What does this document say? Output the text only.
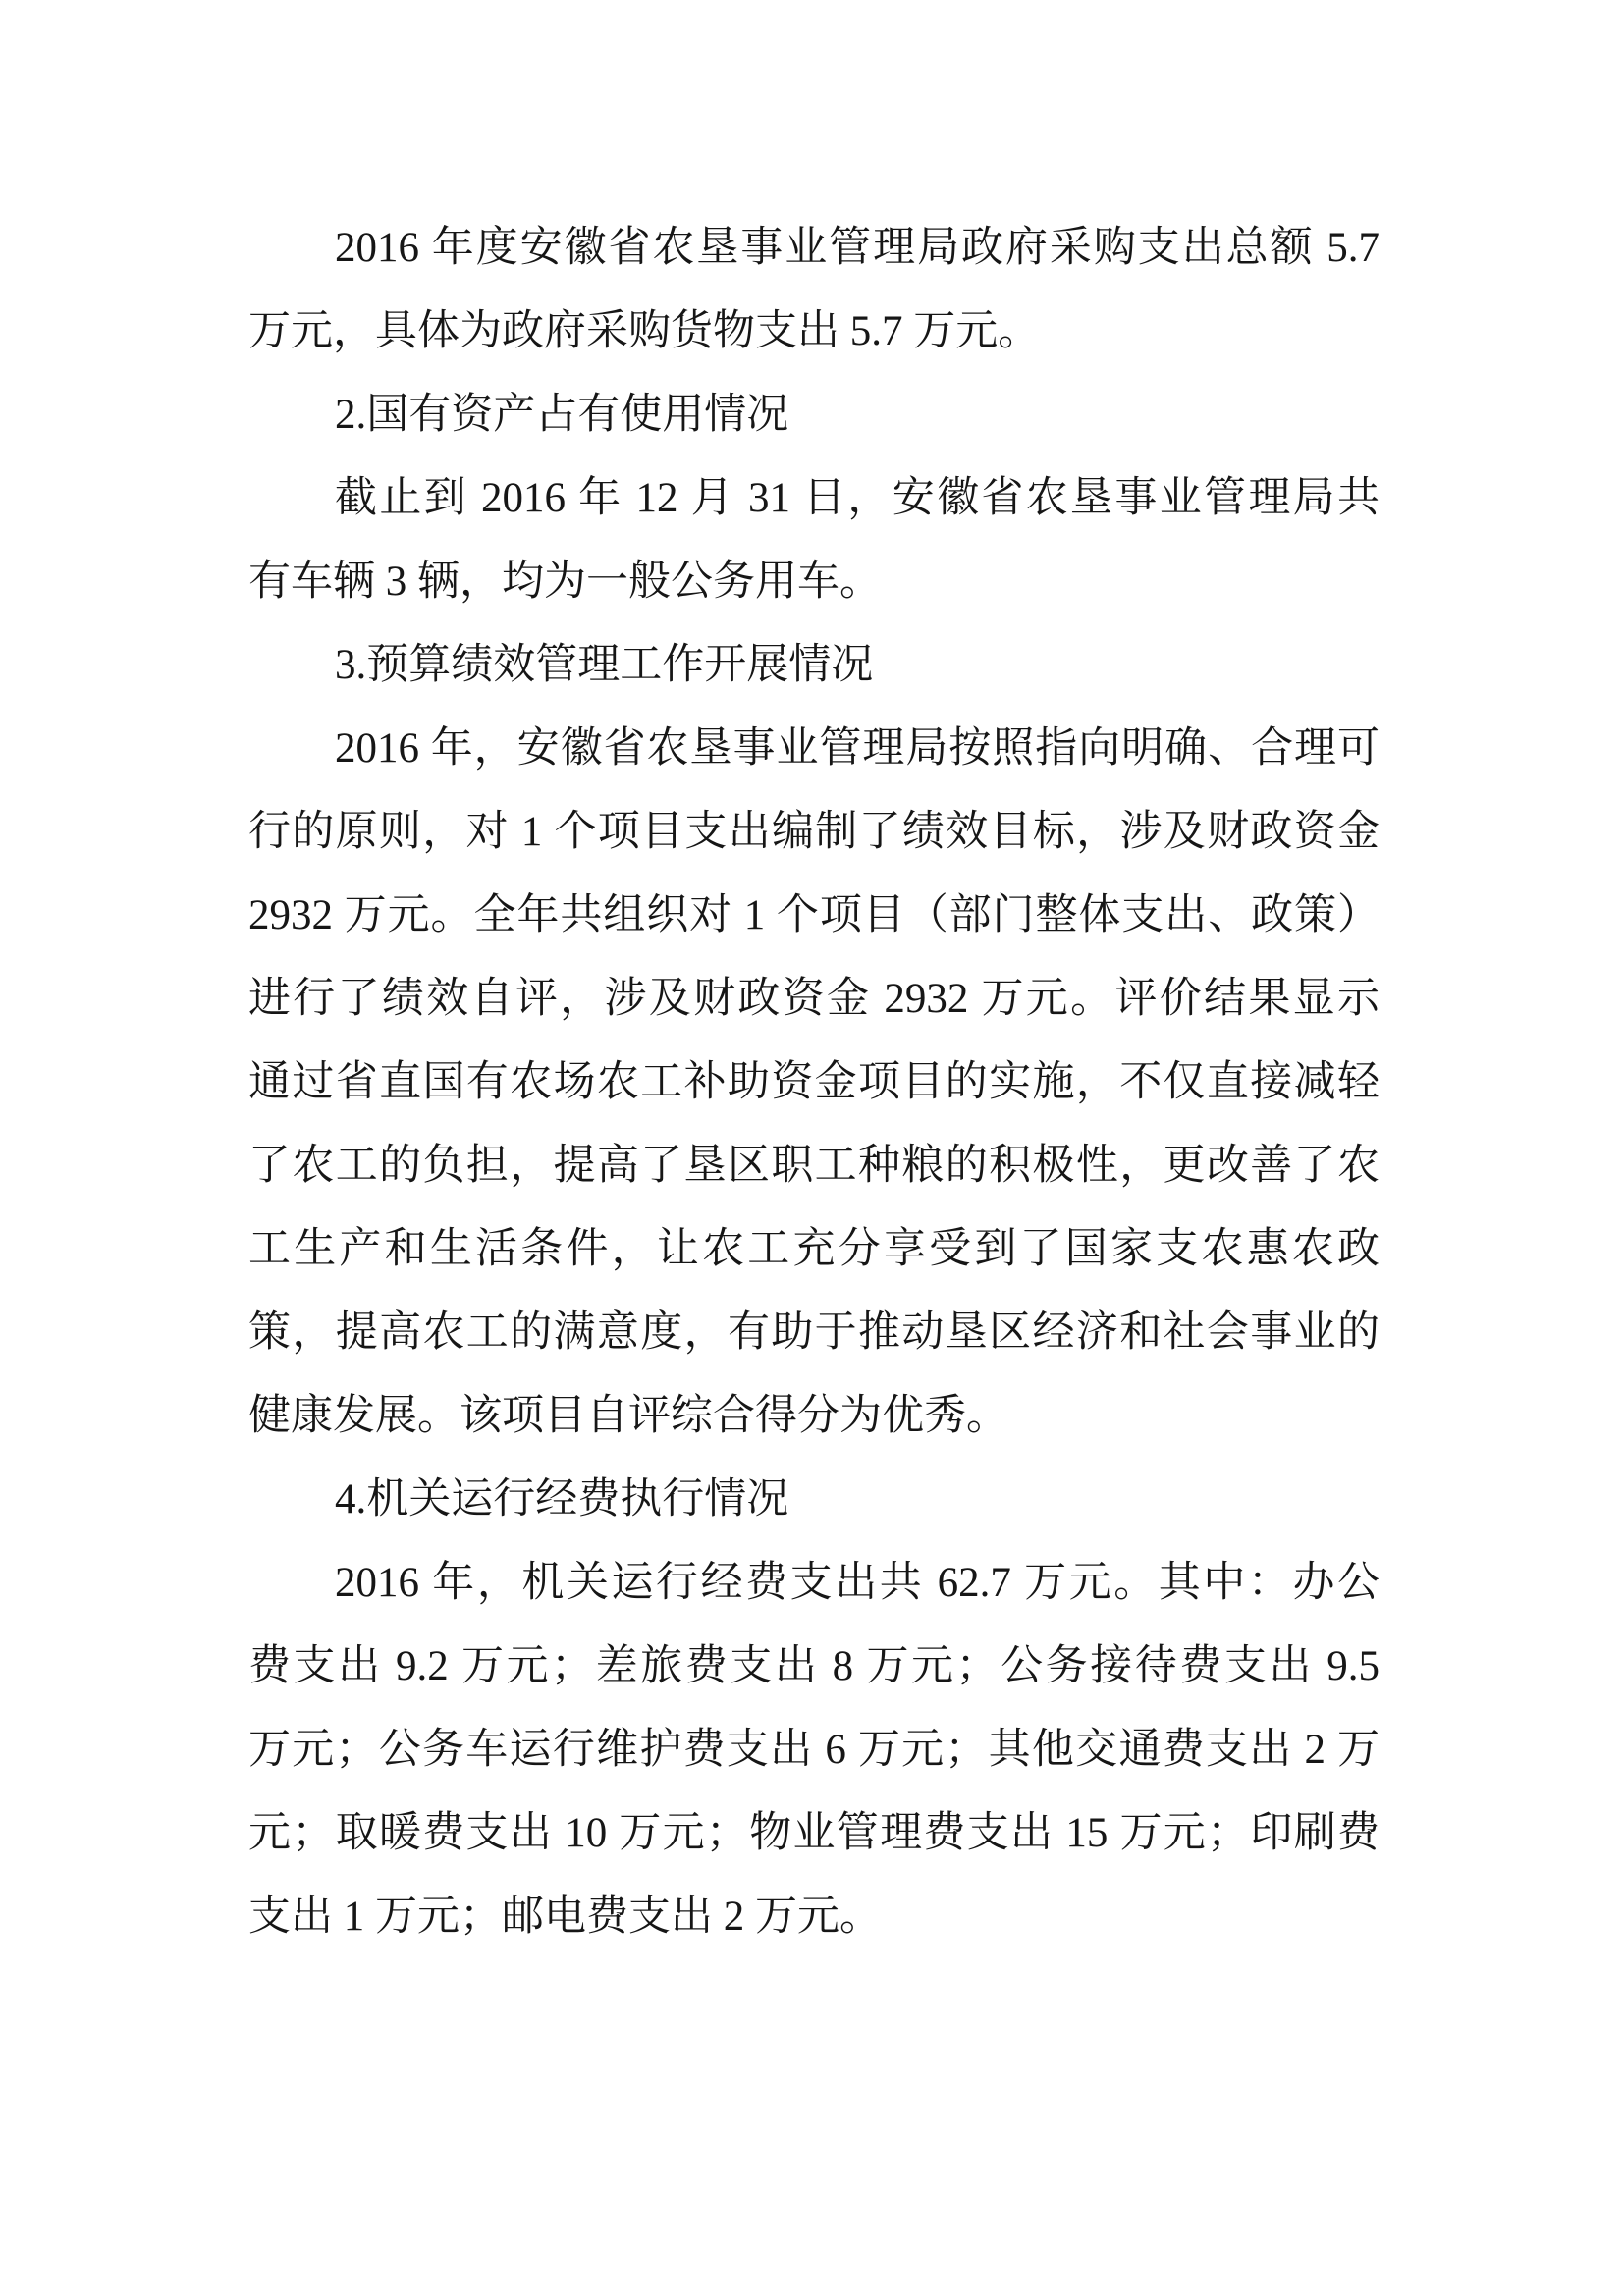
2016 年度安徽省农垦事业管理局政府采购支出总额 5.7
万元，具体为政府采购货物支出 5.7 万元。
2.国有资产占有使用情况
截止到 2016 年 12 月 31 日，安徽省农垦事业管理局共
有车辆 3 辆，均为一般公务用车。
3.预算绩效管理工作开展情况
2016 年，安徽省农垦事业管理局按照指向明确、合理可
行的原则，对 1 个项目支出编制了绩效目标，涉及财政资金
2932 万元。全年共组织对 1 个项目（部门整体支出、政策）
进行了绩效自评，涉及财政资金 2932 万元。评价结果显示
通过省直国有农场农工补助资金项目的实施，不仅直接减轻
了农工的负担，提高了垦区职工种粮的积极性，更改善了农
工生产和生活条件，让农工充分享受到了国家支农惠农政
策，提高农工的满意度，有助于推动垦区经济和社会事业的
健康发展。该项目自评综合得分为优秀。
4.机关运行经费执行情况
2016 年，机关运行经费支出共 62.7 万元。其中：办公
费支出 9.2 万元；差旅费支出 8 万元；公务接待费支出 9.5
万元；公务车运行维护费支出 6 万元；其他交通费支出 2 万
元；取暖费支出 10 万元；物业管理费支出 15 万元；印刷费
支出 1 万元；邮电费支出 2 万元。
